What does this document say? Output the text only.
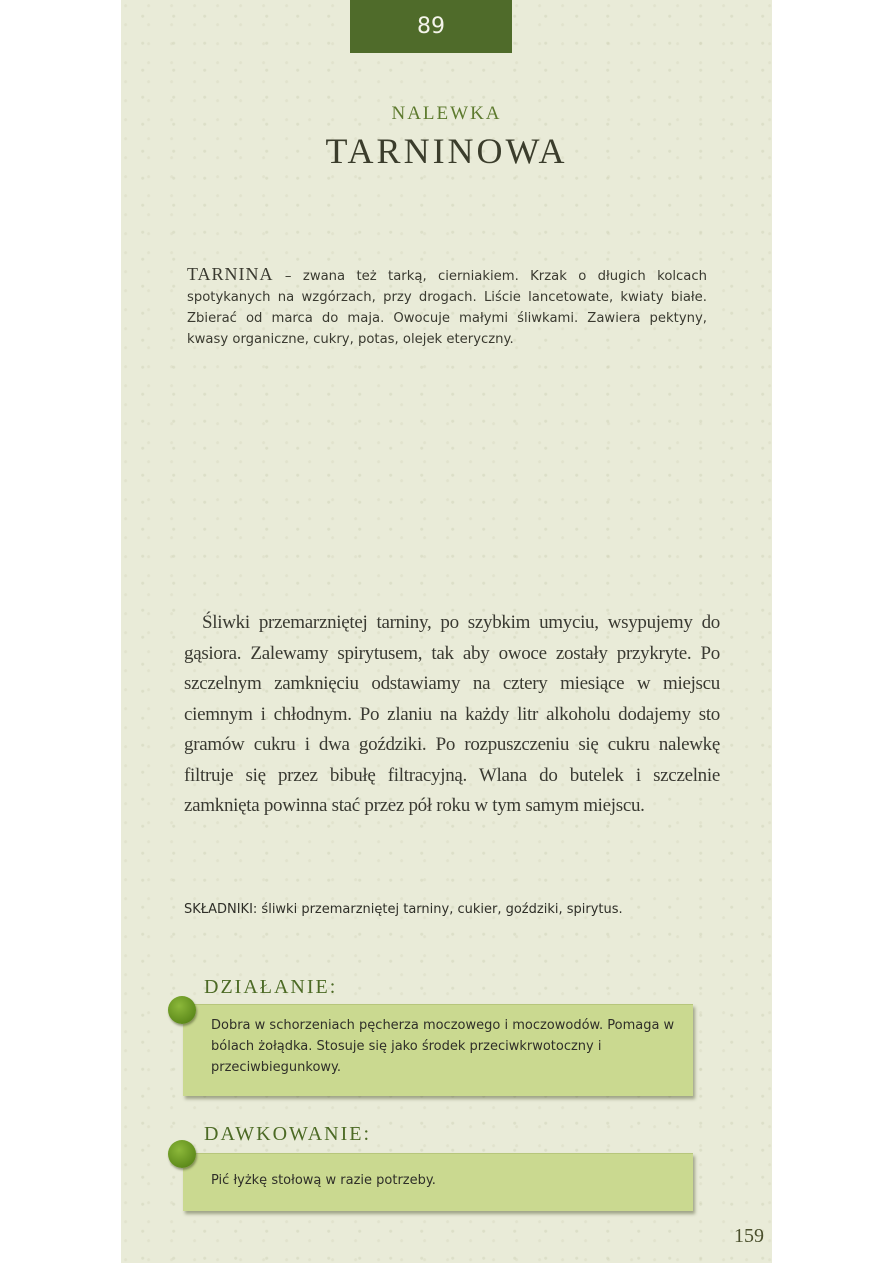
89
NALEWKA
TARNINOWA
TARNINA – zwana też tarką, cierniakiem. Krzak o długich kolcach spotykanych na wzgórzach, przy drogach. Liście lancetowate, kwiaty białe. Zbierać od marca do maja. Owocuje małymi śliwkami. Zawiera pektyny, kwasy organiczne, cukry, potas, olejek eteryczny.
Śliwki przemarzniętej tarniny, po szybkim umyciu, wsypujemy do gąsiora. Zalewamy spirytusem, tak aby owoce zostały przykryte. Po szczelnym zamknięciu odstawiamy na cztery miesiące w miejscu ciemnym i chłodnym. Po zlaniu na każdy litr alkoholu dodajemy sto gramów cukru i dwa goździki. Po rozpuszczeniu się cukru nalewkę filtruje się przez bibułę filtracyjną. Wlana do butelek i szczelnie zamknięta powinna stać przez pół roku w tym samym miejscu.
SKŁADNIKI: śliwki przemarzniętej tarniny, cukier, goździki, spirytus.
DZIAŁANIE:
Dobra w schorzeniach pęcherza moczowego i moczowodów. Pomaga w bólach żołądka. Stosuje się jako środek przeciwkrwotoczny i przeciwbiegunkowy.
DAWKOWANIE:
Pić łyżkę stołową w razie potrzeby.
159
